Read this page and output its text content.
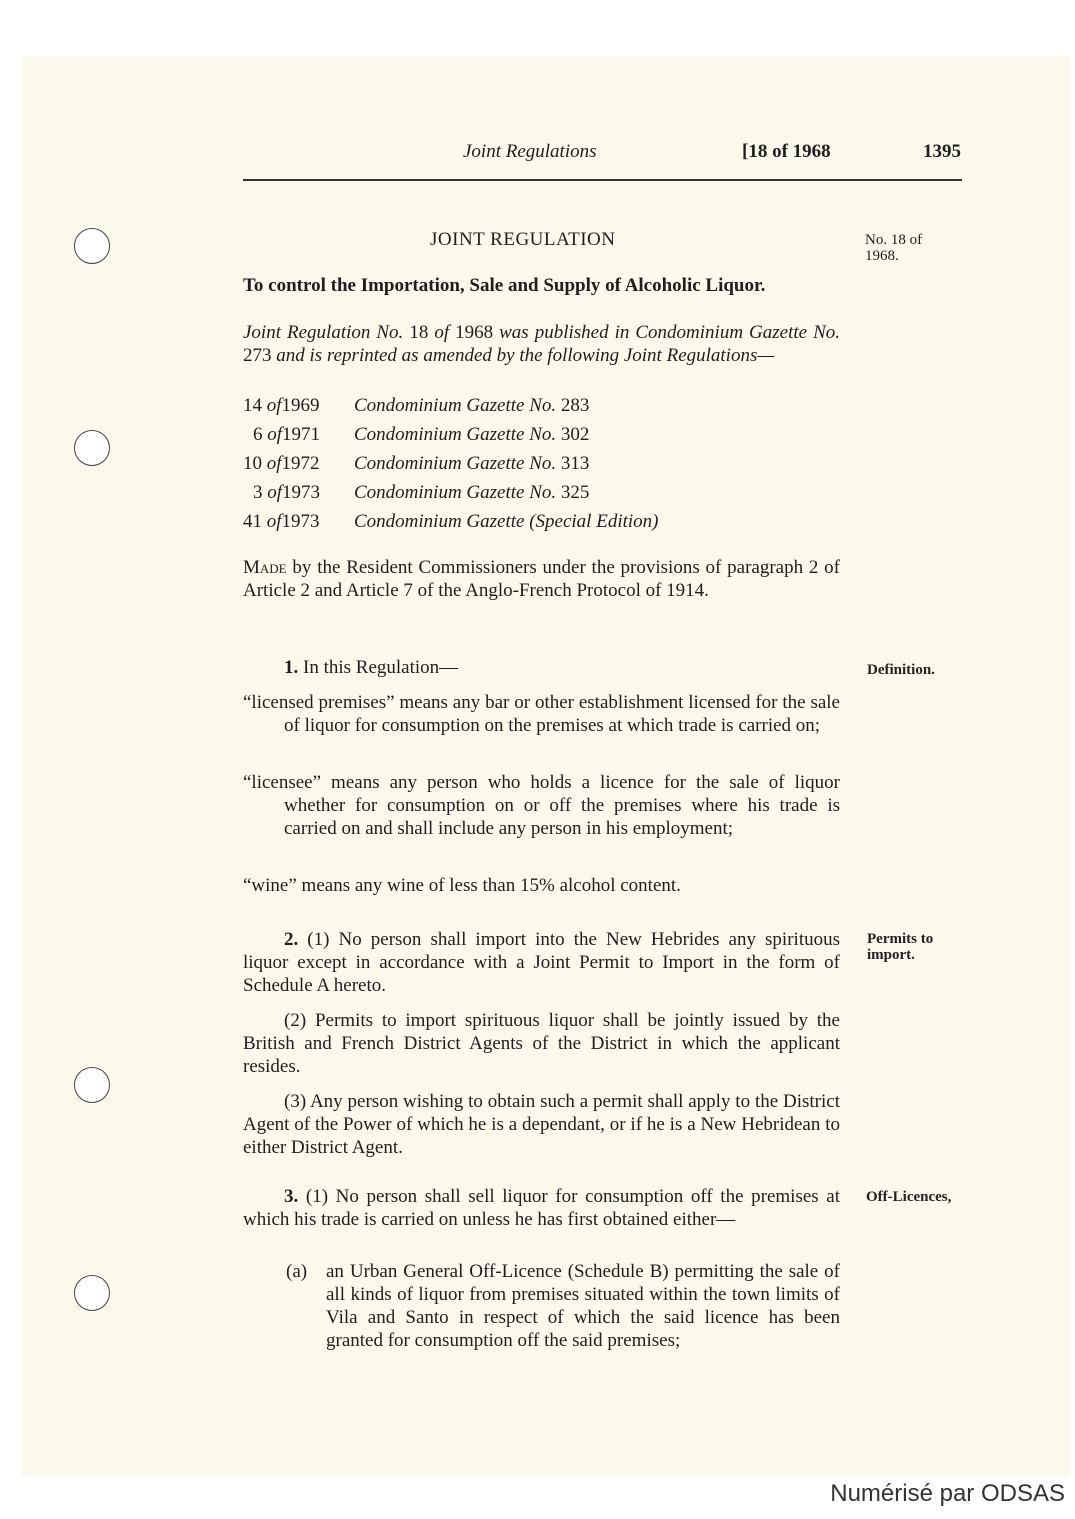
Joint Regulations	[18 of 1968	1395
JOINT REGULATION	No. 18 of
1968.
To control the Importation, Sale and Supply of Alcoholic Liquor.
Joint Regulation No. 18 of 1968 was published in Condominium Gazette No. 273 and is reprinted as amended by the following Joint Regulations—
14 of1969 Condominium Gazette No. 283
6 of1971 Condominium Gazette No. 302
10 of1972 Condominium Gazette No. 313
3 of1973 Condominium Gazette No. 325
41 of1973 Condominium Gazette (Special Edition)
Made by the Resident Commissioners under the provisions of paragraph 2 of Article 2 and Article 7 of the Anglo-French Protocol of 1914.
1. In this Regulation—	Definition.
“licensed premises” means any bar or other establishment licensed for the sale of liquor for consumption on the premises at which trade is carried on;
“licensee” means any person who holds a licence for the sale of liquor whether for consumption on or off the premises where his trade is carried on and shall include any person in his employment;
“wine” means any wine of less than 15% alcohol content.
2. (1) No person shall import into the New Hebrides any spirituous liquor except in accordance with a Joint Permit to Import in the form of Schedule A hereto.
Permits to
import.
(2) Permits to import spirituous liquor shall be jointly issued by the British and French District Agents of the District in which the applicant resides.
(3) Any person wishing to obtain such a permit shall apply to the District Agent of the Power of which he is a dependant, or if he is a New Hebridean to either District Agent.
3. (1) No person shall sell liquor for consumption off the premises at which his trade is carried on unless he has first obtained either—
Off-Licences,
(a) an Urban General Off-Licence (Schedule B) permitting the sale of all kinds of liquor from premises situated within the town limits of Vila and Santo in respect of which the said licence has been granted for consumption off the said premises;
Numérisé par ODSAS
